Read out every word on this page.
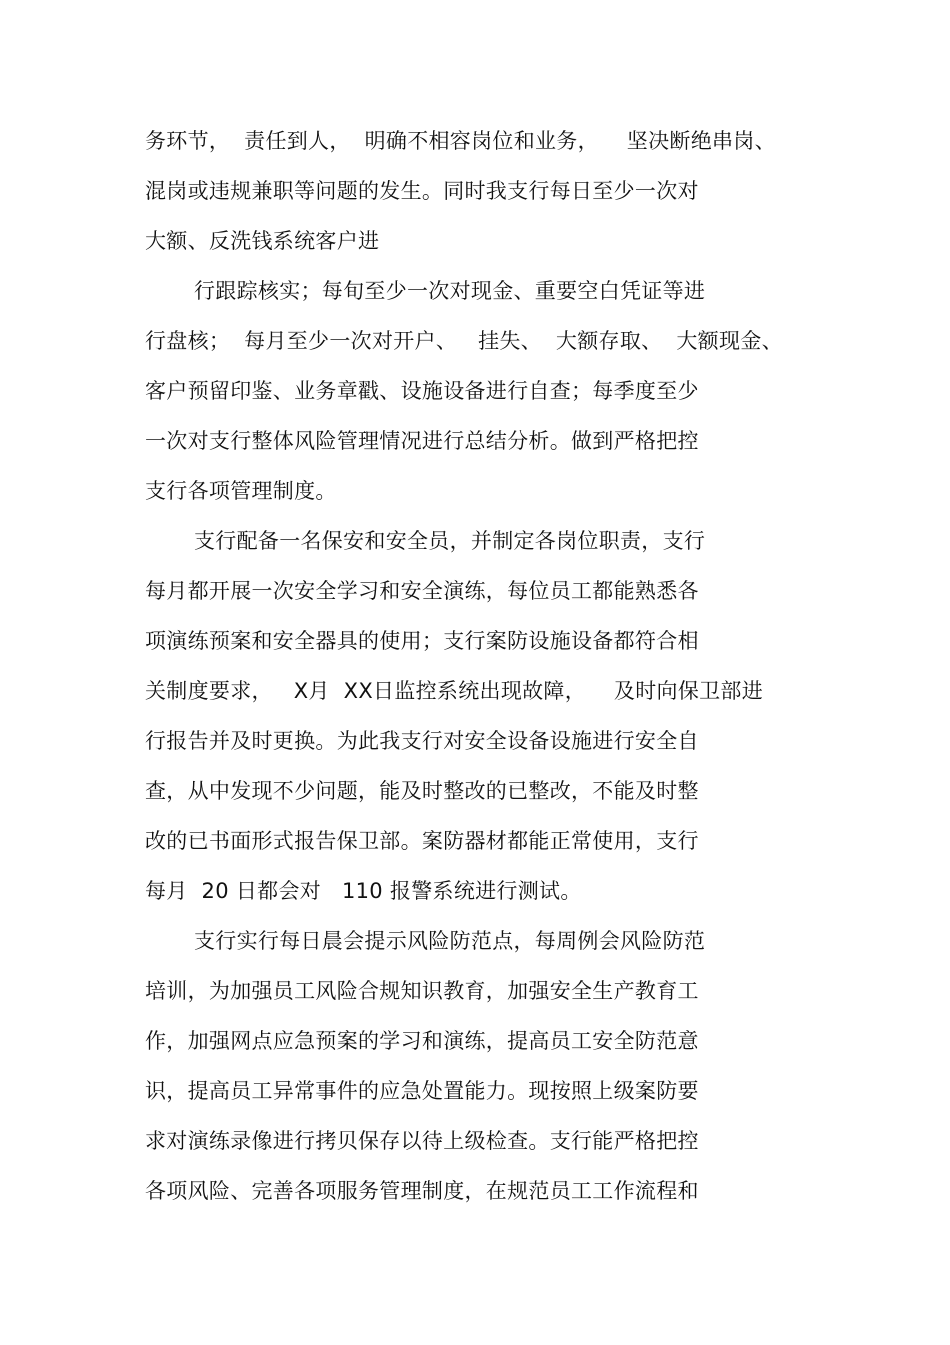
务环节，  责任到人，  明确不相容岗位和业务，    坚决断绝串岗、

混岗或违规兼职等问题的发生。同时我支行每日至少一次对

大额、反洗钱系统客户进

行跟踪核实；每旬至少一次对现金、重要空白凭证等进

行盘核；  每月至少一次对开户、   挂失、  大额存取、  大额现金、

客户预留印鉴、业务章戳、设施设备进行自查；每季度至少

一次对支行整体风险管理情况进行总结分析。做到严格把控

支行各项管理制度。

支行配备一名保安和安全员，并制定各岗位职责，支行

每月都开展一次安全学习和安全演练，每位员工都能熟悉各

项演练预案和安全器具的使用；支行案防设施设备都符合相

关制度要求，   X月  XX日监控系统出现故障，    及时向保卫部进

行报告并及时更换。为此我支行对安全设备设施进行安全自

查，从中发现不少问题，能及时整改的已整改，不能及时整

改的已书面形式报告保卫部。案防器材都能正常使用，支行

每月  20 日都会对   110 报警系统进行测试。

支行实行每日晨会提示风险防范点，每周例会风险防范

培训，为加强员工风险合规知识教育，加强安全生产教育工

作，加强网点应急预案的学习和演练，提高员工安全防范意

识，提高员工异常事件的应急处置能力。现按照上级案防要

求对演练录像进行拷贝保存以待上级检查。支行能严格把控

各项风险、完善各项服务管理制度，在规范员工工作流程和
